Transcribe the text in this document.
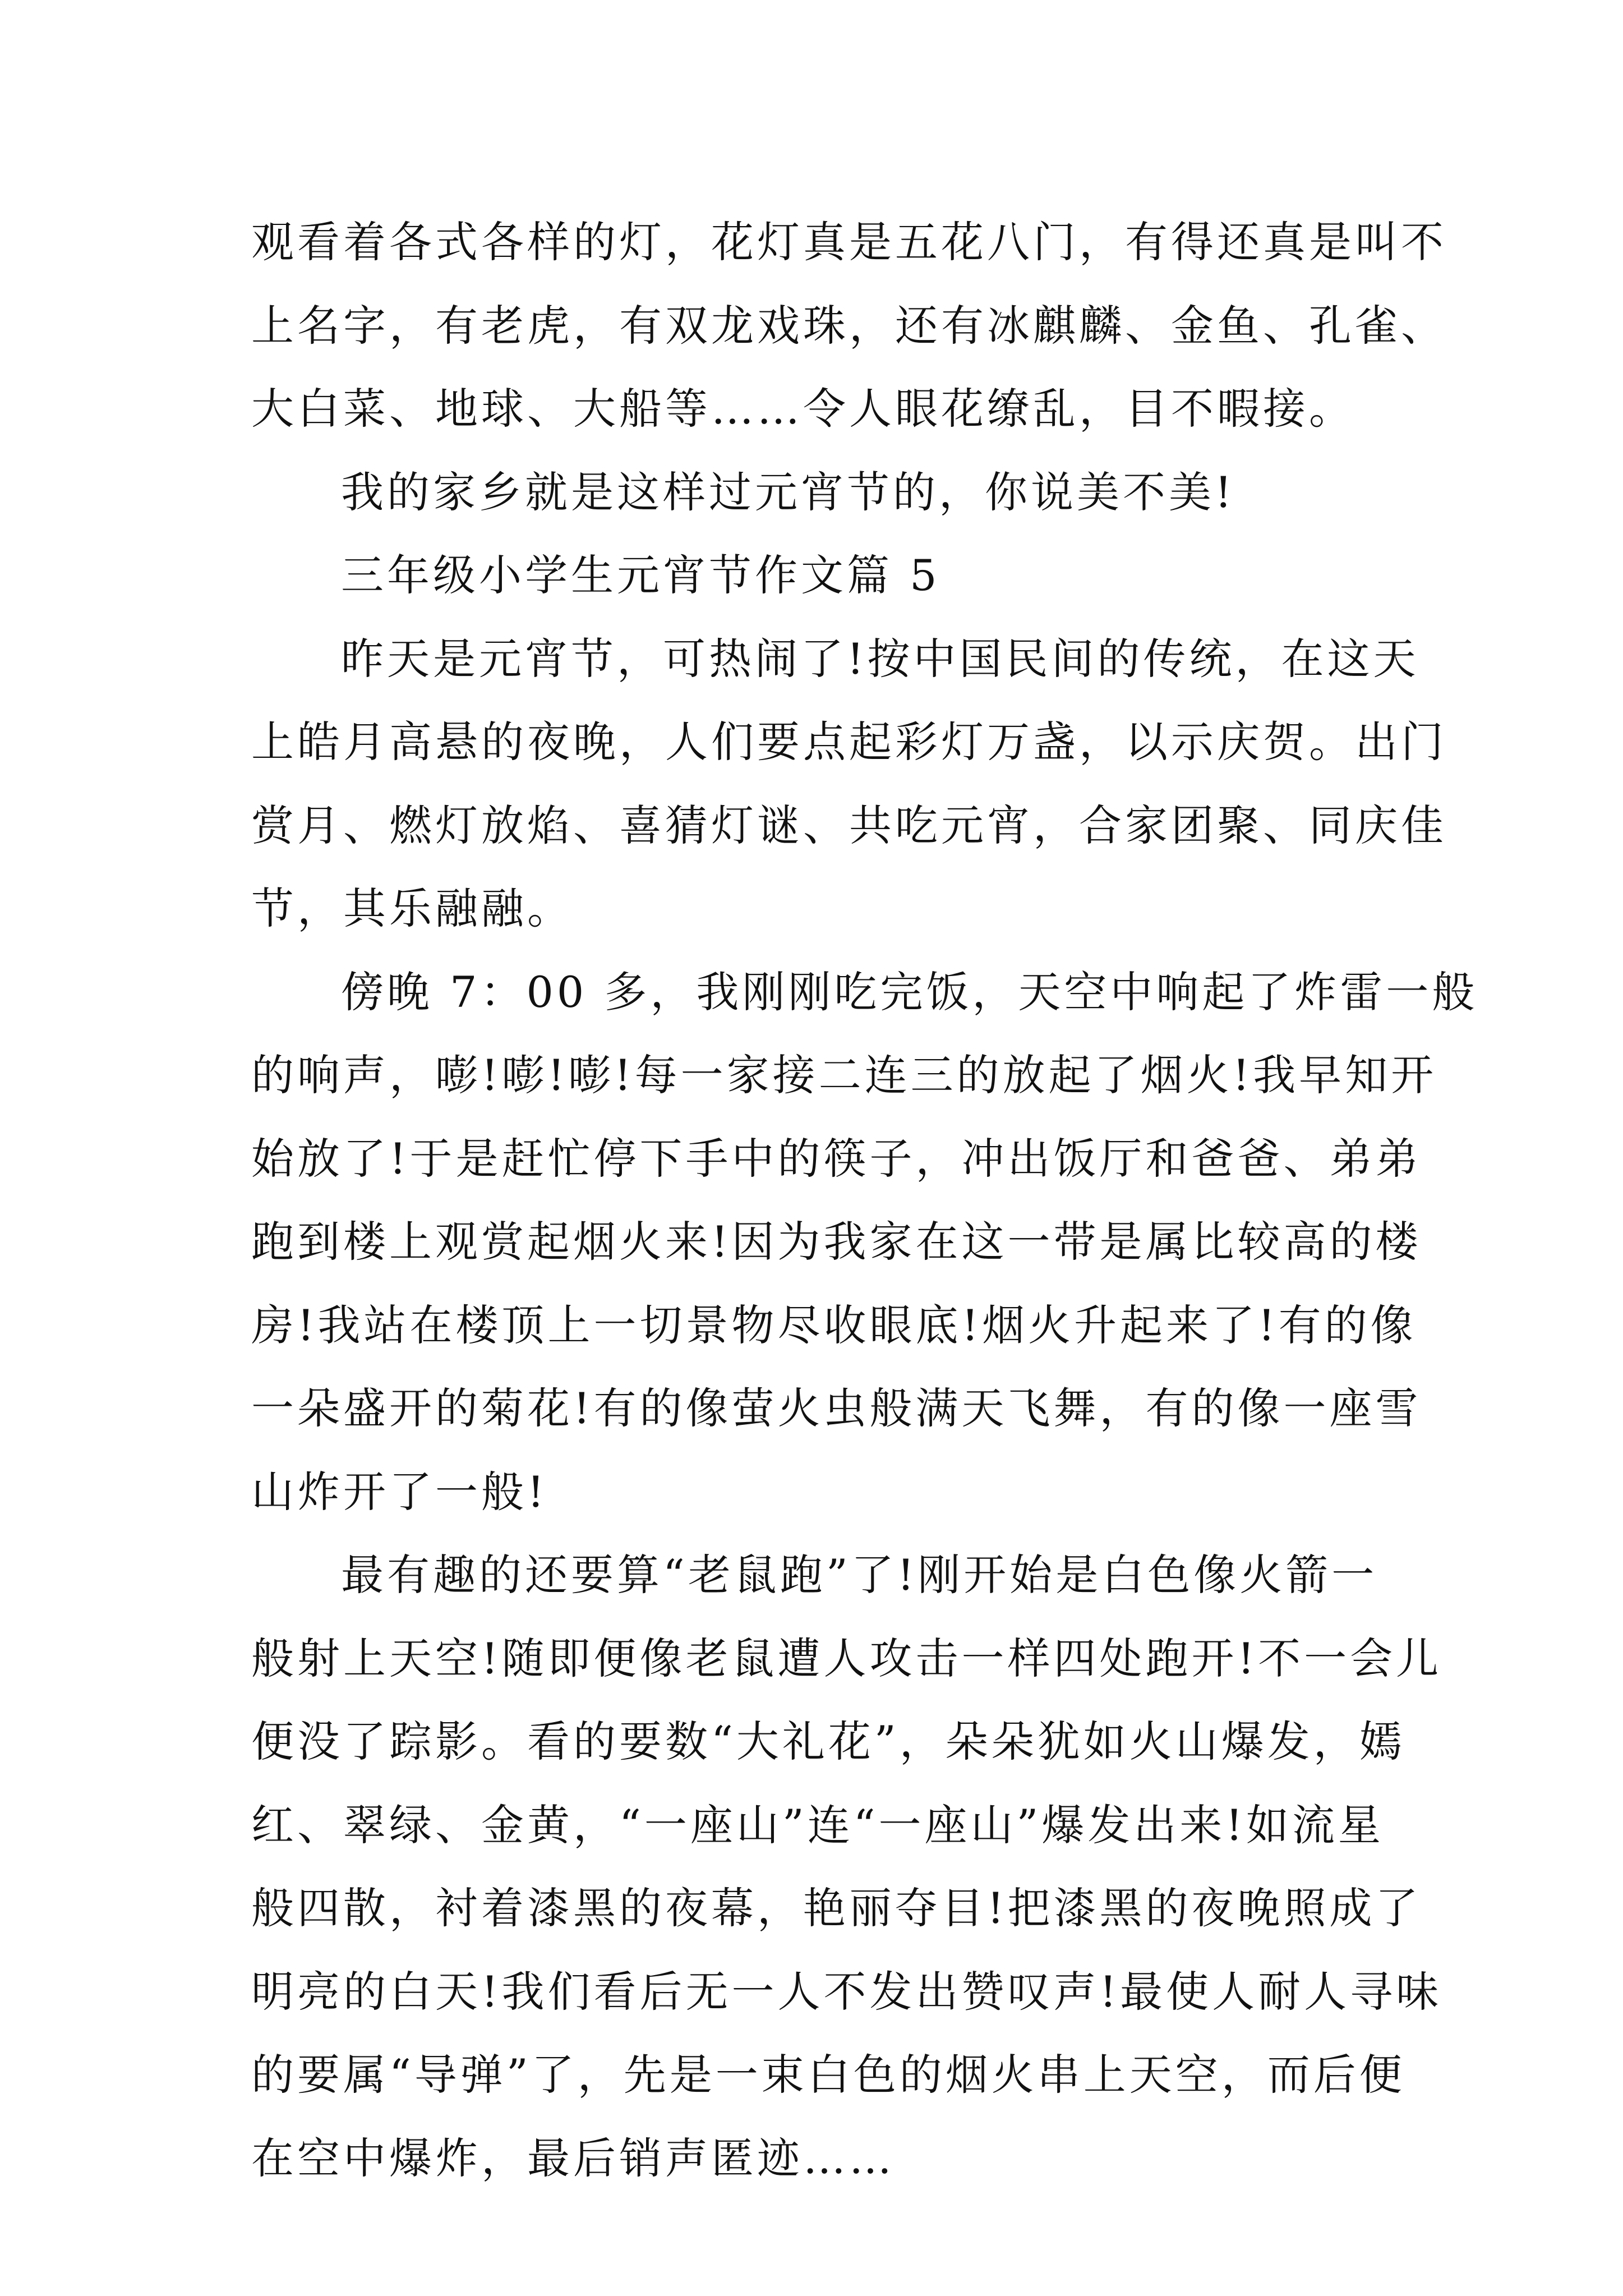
观看着各式各样的灯，花灯真是五花八门，有得还真是叫不
上名字，有老虎，有双龙戏珠，还有冰麒麟、金鱼、孔雀、
大白菜、地球、大船等……令人眼花缭乱，目不暇接。
我的家乡就是这样过元宵节的，你说美不美!
三年级小学生元宵节作文篇 5
昨天是元宵节，可热闹了!按中国民间的传统，在这天
上皓月高悬的夜晚，人们要点起彩灯万盏，以示庆贺。出门
赏月、燃灯放焰、喜猜灯谜、共吃元宵，合家团聚、同庆佳
节，其乐融融。
傍晚 7：00 多，我刚刚吃完饭，天空中响起了炸雷一般
的响声，嘭!嘭!嘭!每一家接二连三的放起了烟火!我早知开
始放了!于是赶忙停下手中的筷子，冲出饭厅和爸爸、弟弟
跑到楼上观赏起烟火来!因为我家在这一带是属比较高的楼
房!我站在楼顶上一切景物尽收眼底!烟火升起来了!有的像
一朵盛开的菊花!有的像萤火虫般满天飞舞，有的像一座雪
山炸开了一般!
最有趣的还要算“老鼠跑”了!刚开始是白色像火箭一
般射上天空!随即便像老鼠遭人攻击一样四处跑开!不一会儿
便没了踪影。看的要数“大礼花”，朵朵犹如火山爆发，嫣
红、翠绿、金黄，“一座山”连“一座山”爆发出来!如流星
般四散，衬着漆黑的夜幕，艳丽夺目!把漆黑的夜晚照成了
明亮的白天!我们看后无一人不发出赞叹声!最使人耐人寻味
的要属“导弹”了，先是一束白色的烟火串上天空，而后便
在空中爆炸，最后销声匿迹……
